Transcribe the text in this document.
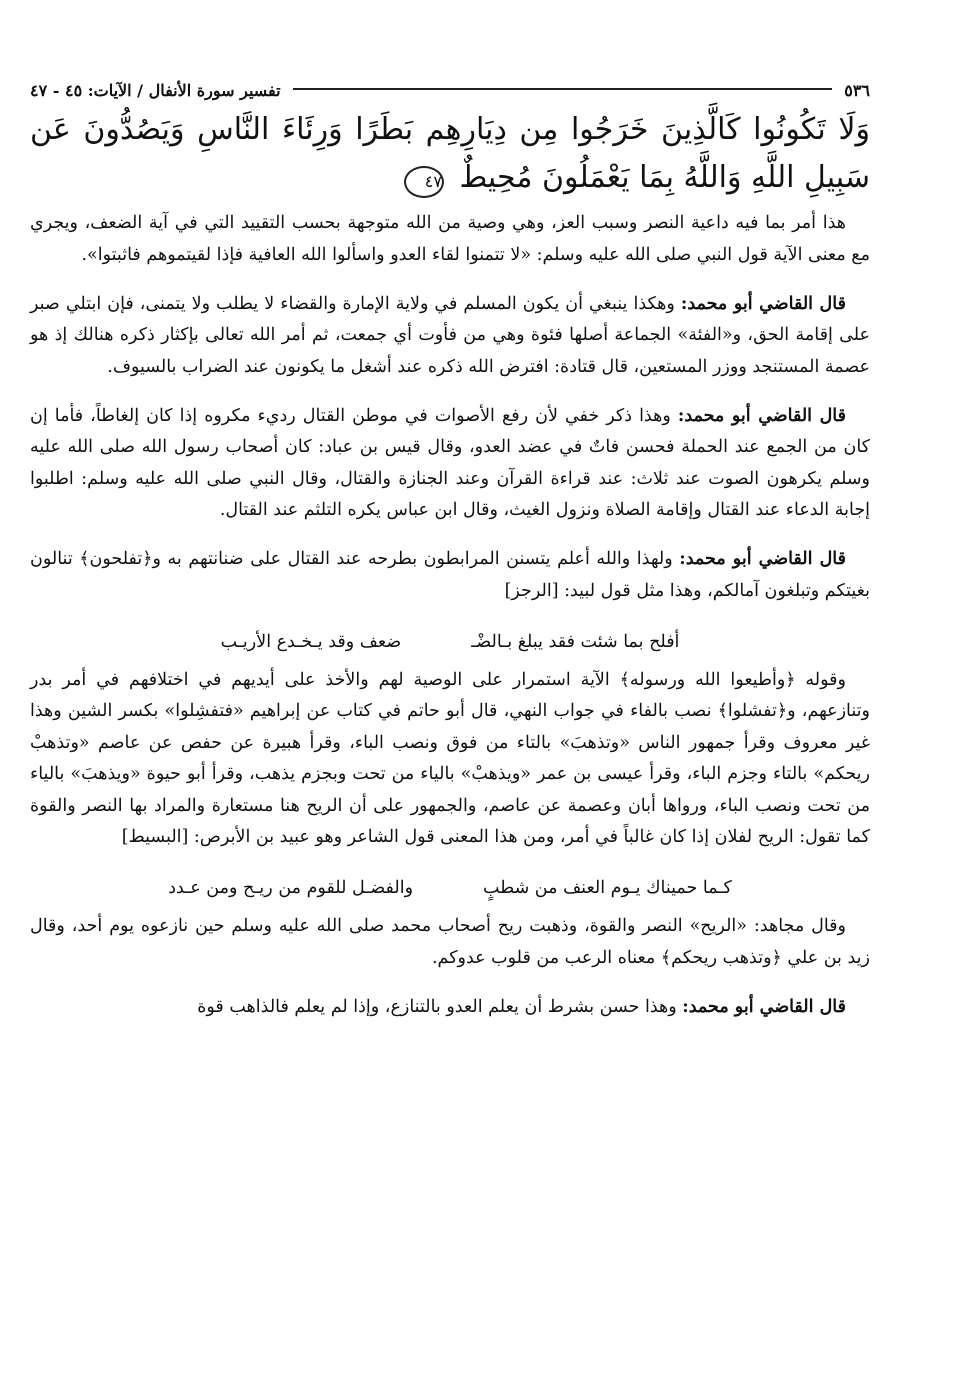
٥٣٦
تفسير سورة الأنفال / الآيات: ٤٥ - ٤٧
وَلَا تَكُونُوا كَالَّذِينَ خَرَجُوا مِن دِيَارِهِم بَطَرًا وَرِئَاءَ النَّاسِ وَيَصُدُّونَ عَن سَبِيلِ اللَّهِ وَاللَّهُ بِمَا يَعْمَلُونَ مُحِيطٌ ٤٧

هذا أمر بما فيه داعية النصر وسبب العز، وهي وصية من الله متوجهة بحسب التقييد التي في آية الضعف، ويجري مع معنى الآية قول النبي صلى الله عليه وسلم: «لا تتمنوا لقاء العدو واسألوا الله العافية فإذا لقيتموهم فاثبتوا».

قال القاضي أبو محمد: وهكذا ينبغي أن يكون المسلم في ولاية الإمارة والقضاء لا يطلب ولا يتمنى، فإن ابتلي صبر على إقامة الحق، و«الفئة» الجماعة أصلها فئوة وهي من فأوت أي جمعت، ثم أمر الله تعالى بإكثار ذكره هنالك إذ هو عصمة المستنجد ووزر المستعين، قال قتادة: افترض الله ذكره عند أشغل ما يكونون عند الضراب بالسيوف.

قال القاضي أبو محمد: وهذا ذكر خفي لأن رفع الأصوات في موطن القتال رديء مكروه إذا كان إلغاطاً، فأما إن كان من الجمع عند الحملة فحسن فاتٌ في عضد العدو، وقال قيس بن عباد: كان أصحاب رسول الله صلى الله عليه وسلم يكرهون الصوت عند ثلاث: عند قراءة القرآن وعند الجنازة والقتال، وقال النبي صلى الله عليه وسلم: اطلبوا إجابة الدعاء عند القتال وإقامة الصلاة ونزول الغيث، وقال ابن عباس يكره التلثم عند القتال.

قال القاضي أبو محمد: ولهذا والله أعلم يتسنن المرابطون بطرحه عند القتال على ضنانتهم به و﴿تفلحون﴾ تنالون بغيتكم وتبلغون آمالكم، وهذا مثل قول لبيد: [الرجز]

أفلح بما شئت فقد يبلغ بـالضْـ
ضعف وقد يـخـدع الأريـب

وقوله ﴿وأطيعوا الله ورسوله﴾ الآية استمرار على الوصية لهم والأخذ على أيديهم في اختلافهم في أمر بدر وتنازعهم، و﴿تفشلوا﴾ نصب بالفاء في جواب النهي، قال أبو حاتم في كتاب عن إبراهيم «فتفشِلوا» بكسر الشين وهذا غير معروف وقرأ جمهور الناس «وتذهبَ» بالتاء من فوق ونصب الباء، وقرأ هبيرة عن حفص عن عاصم «وتذهبْ ريحكم» بالتاء وجزم الباء، وقرأ عيسى بن عمر «ويذهبْ» بالياء من تحت وبجزم يذهب، وقرأ أبو حيوة «ويذهبَ» بالياء من تحت ونصب الباء، ورواها أبان وعصمة عن عاصم، والجمهور على أن الريح هنا مستعارة والمراد بها النصر والقوة كما تقول: الريح لفلان إذا كان غالباً في أمر، ومن هذا المعنى قول الشاعر وهو عبيد بن الأبرص: [البسيط]

كـما حميناك يـوم العنف من شطبٍ
والفضـل للقوم من ريـح ومن عـدد

وقال مجاهد: «الريح» النصر والقوة، وذهبت ريح أصحاب محمد صلى الله عليه وسلم حين نازعوه يوم أحد، وقال زيد بن علي ﴿وتذهب ريحكم﴾ معناه الرعب من قلوب عدوكم.

قال القاضي أبو محمد: وهذا حسن بشرط أن يعلم العدو بالتنازع، وإذا لم يعلم فالذاهب قوة
